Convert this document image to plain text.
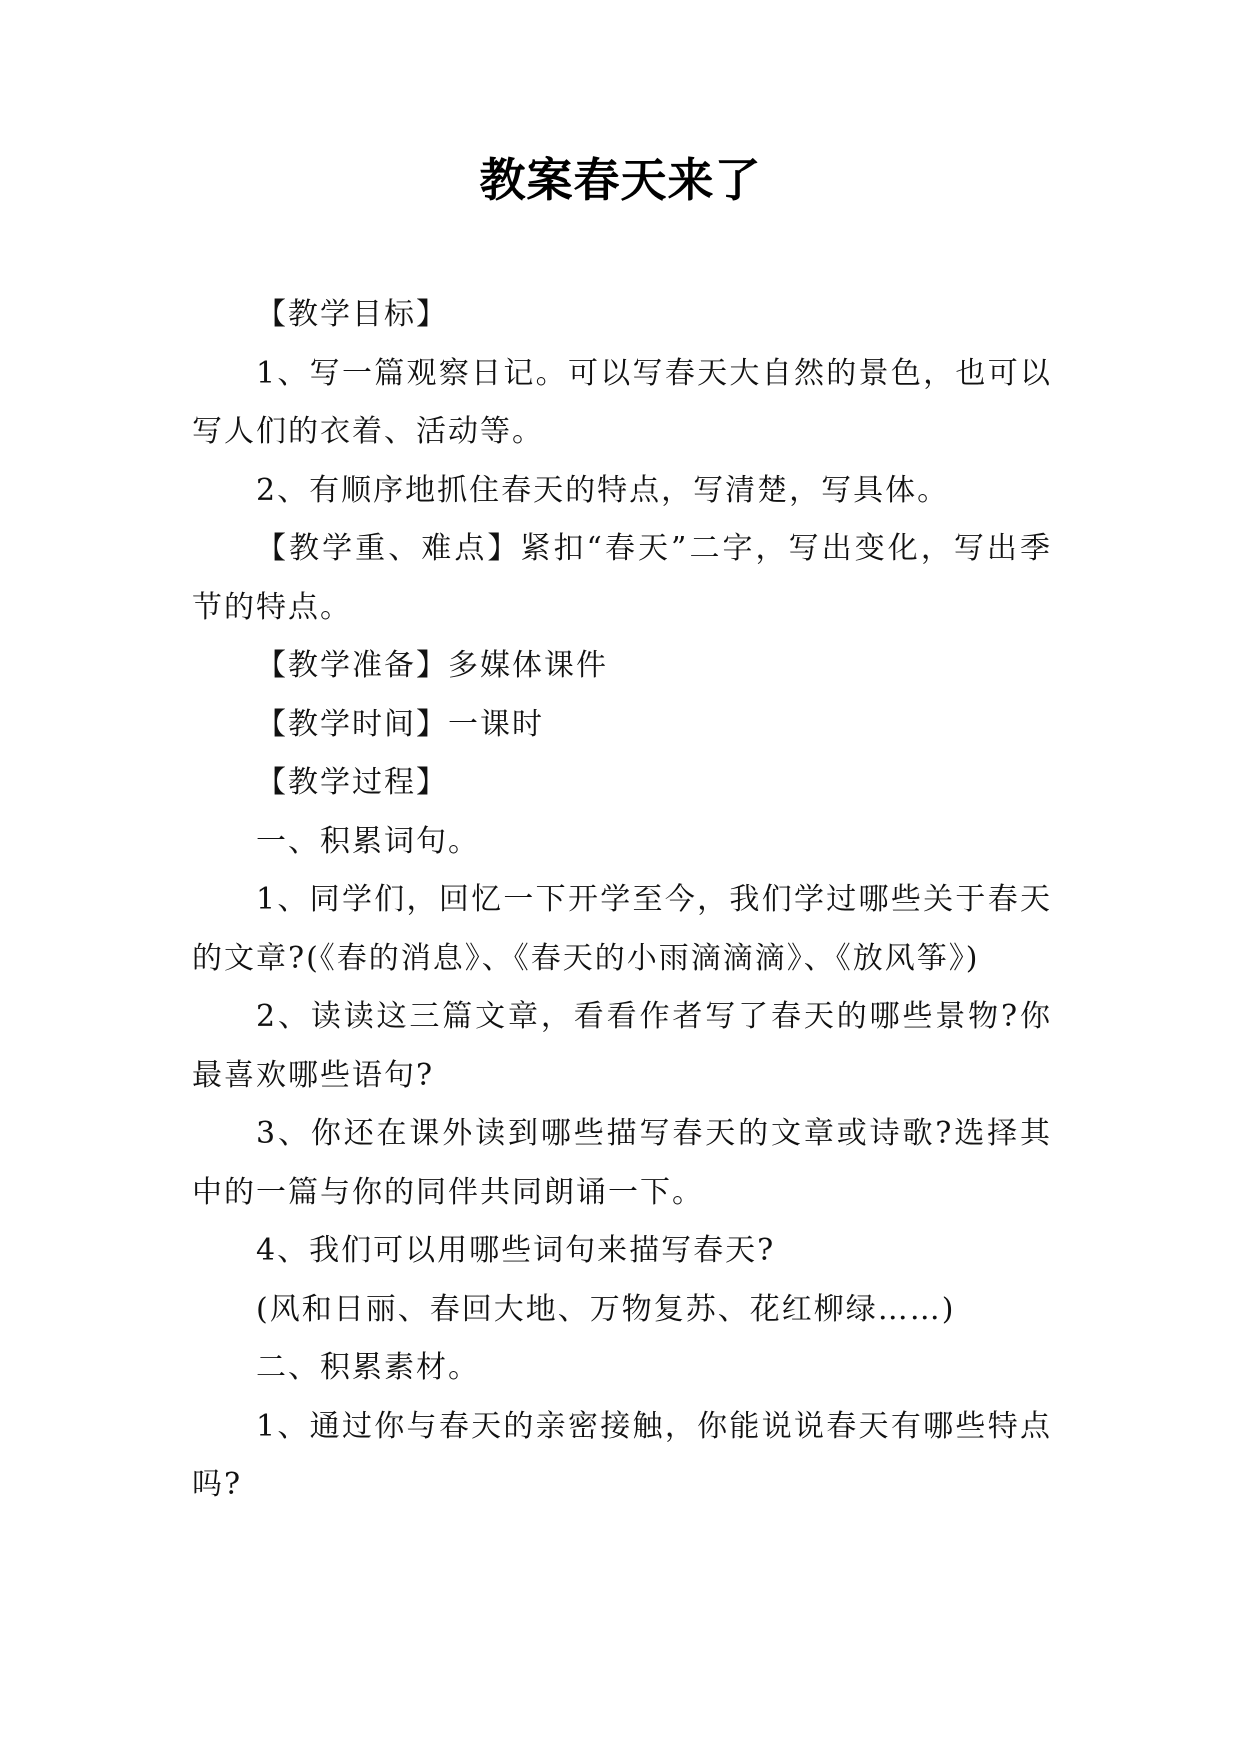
教案春天来了

【教学目标】

1、写一篇观察日记。可以写春天大自然的景色，也可以写人们的衣着、活动等。

2、有顺序地抓住春天的特点，写清楚，写具体。

【教学重、难点】紧扣“春天”二字，写出变化，写出季节的特点。

【教学准备】多媒体课件

【教学时间】一课时

【教学过程】

一、积累词句。

1、同学们，回忆一下开学至今，我们学过哪些关于春天的文章?(《春的消息》、《春天的小雨滴滴滴》、《放风筝》)

2、读读这三篇文章，看看作者写了春天的哪些景物?你最喜欢哪些语句?

3、你还在课外读到哪些描写春天的文章或诗歌?选择其中的一篇与你的同伴共同朗诵一下。

4、我们可以用哪些词句来描写春天?

(风和日丽、春回大地、万物复苏、花红柳绿……)

二、积累素材。

1、通过你与春天的亲密接触，你能说说春天有哪些特点吗?
